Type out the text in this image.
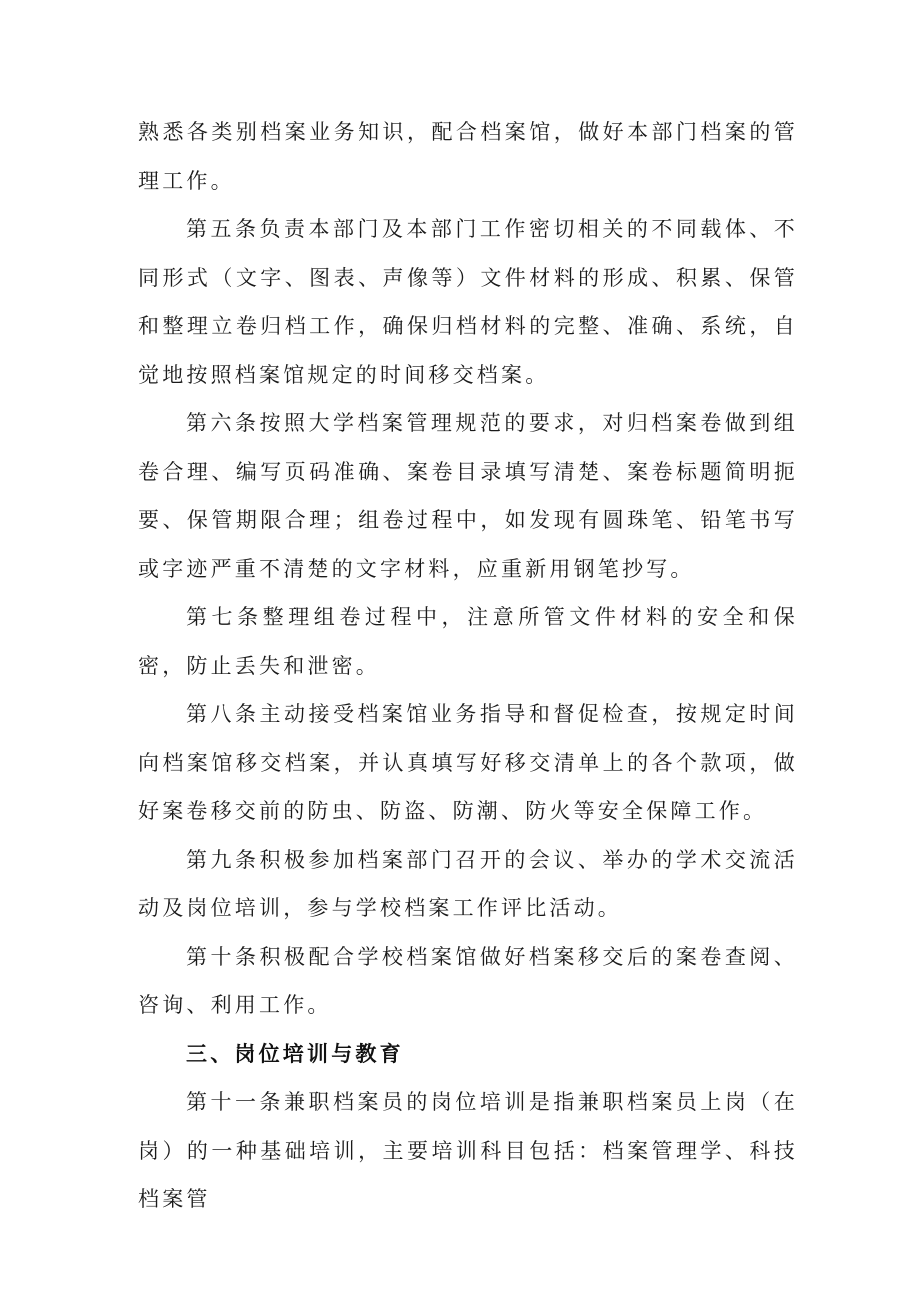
熟悉各类别档案业务知识，配合档案馆，做好本部门档案的管理工作。

第五条负责本部门及本部门工作密切相关的不同载体、不同形式（文字、图表、声像等）文件材料的形成、积累、保管和整理立卷归档工作，确保归档材料的完整、准确、系统，自觉地按照档案馆规定的时间移交档案。

第六条按照大学档案管理规范的要求，对归档案卷做到组卷合理、编写页码准确、案卷目录填写清楚、案卷标题简明扼要、保管期限合理；组卷过程中，如发现有圆珠笔、铅笔书写或字迹严重不清楚的文字材料，应重新用钢笔抄写。

第七条整理组卷过程中，注意所管文件材料的安全和保密，防止丢失和泄密。

第八条主动接受档案馆业务指导和督促检查，按规定时间向档案馆移交档案，并认真填写好移交清单上的各个款项，做好案卷移交前的防虫、防盗、防潮、防火等安全保障工作。

第九条积极参加档案部门召开的会议、举办的学术交流活动及岗位培训，参与学校档案工作评比活动。

第十条积极配合学校档案馆做好档案移交后的案卷查阅、咨询、利用工作。

三、岗位培训与教育

第十一条兼职档案员的岗位培训是指兼职档案员上岗（在岗）的一种基础培训，主要培训科目包括：档案管理学、科技档案管
